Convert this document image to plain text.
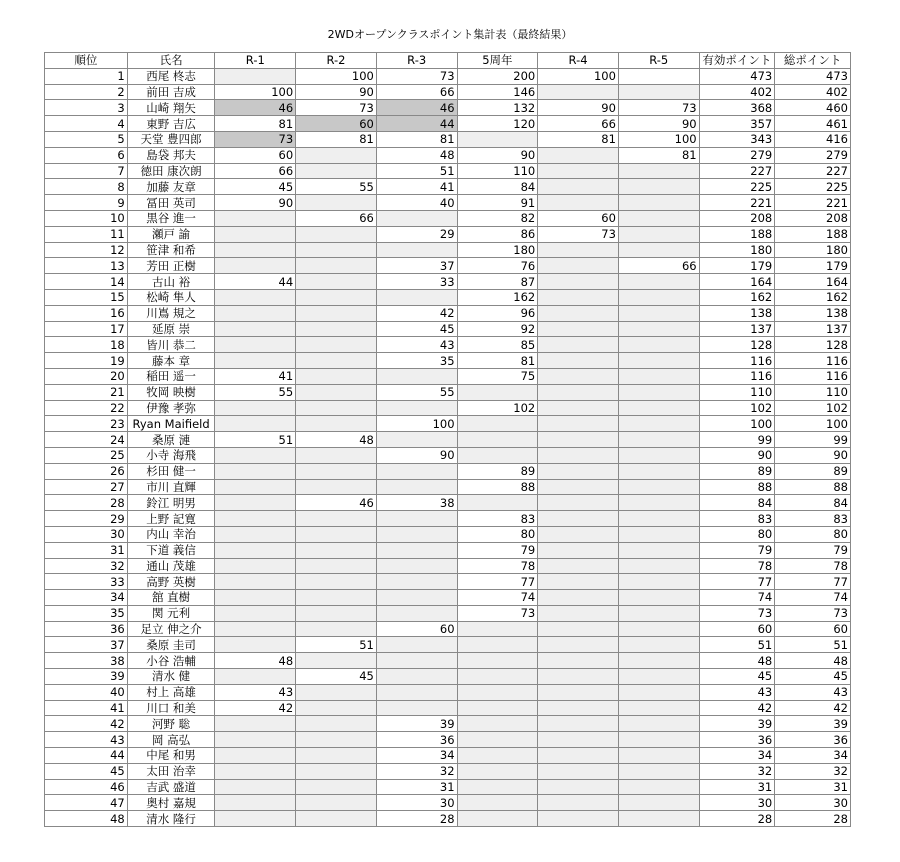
2WDオープンクラスポイント集計表（最終結果）
順位	氏名	R-1	R-2	R-3	5周年	R-4	R-5	有効ポイント	総ポイント
1	西尾 柊志		100	73	200	100		473	473
2	前田 吉成	100	90	66	146			402	402
3	山崎 翔矢	46	73	46	132	90	73	368	460
4	東野 吉広	81	60	44	120	66	90	357	461
5	天堂 豊四郎	73	81	81		81	100	343	416
6	島袋 邦夫	60		48	90		81	279	279
7	徳田 康次朗	66		51	110			227	227
8	加藤 友章	45	55	41	84			225	225
9	冨田 英司	90		40	91			221	221
10	黒谷 進一		66		82	60		208	208
11	瀬戸 諭			29	86	73		188	188
12	笹津 和希				180			180	180
13	芳田 正樹			37	76		66	179	179
14	古山 裕	44		33	87			164	164
15	松崎 隼人				162			162	162
16	川嶌 規之			42	96			138	138
17	延原 崇			45	92			137	137
18	皆川 恭二			43	85			128	128
19	藤本 章			35	81			116	116
20	稲田 遥一	41			75			116	116
21	牧岡 映樹	55		55				110	110
22	伊豫 孝弥				102			102	102
23	Ryan Maifield			100				100	100
24	桑原 漣	51	48					99	99
25	小寺 海飛			90				90	90
26	杉田 健一				89			89	89
27	市川 直輝				88			88	88
28	鈴江 明男		46	38				84	84
29	上野 記寛				83			83	83
30	内山 幸治				80			80	80
31	下道 義信				79			79	79
32	通山 茂雄				78			78	78
33	高野 英樹				77			77	77
34	舘 直樹				74			74	74
35	関 元利				73			73	73
36	足立 伸之介			60				60	60
37	桑原 圭司		51					51	51
38	小谷 浩輔	48						48	48
39	清水 健		45					45	45
40	村上 高雄	43						43	43
41	川口 和美	42						42	42
42	河野 聡			39				39	39
43	岡 高弘			36				36	36
44	中尾 和男			34				34	34
45	太田 治幸			32				32	32
46	吉武 盛道			31				31	31
47	奥村 嘉規			30				30	30
48	清水 隆行			28				28	28
